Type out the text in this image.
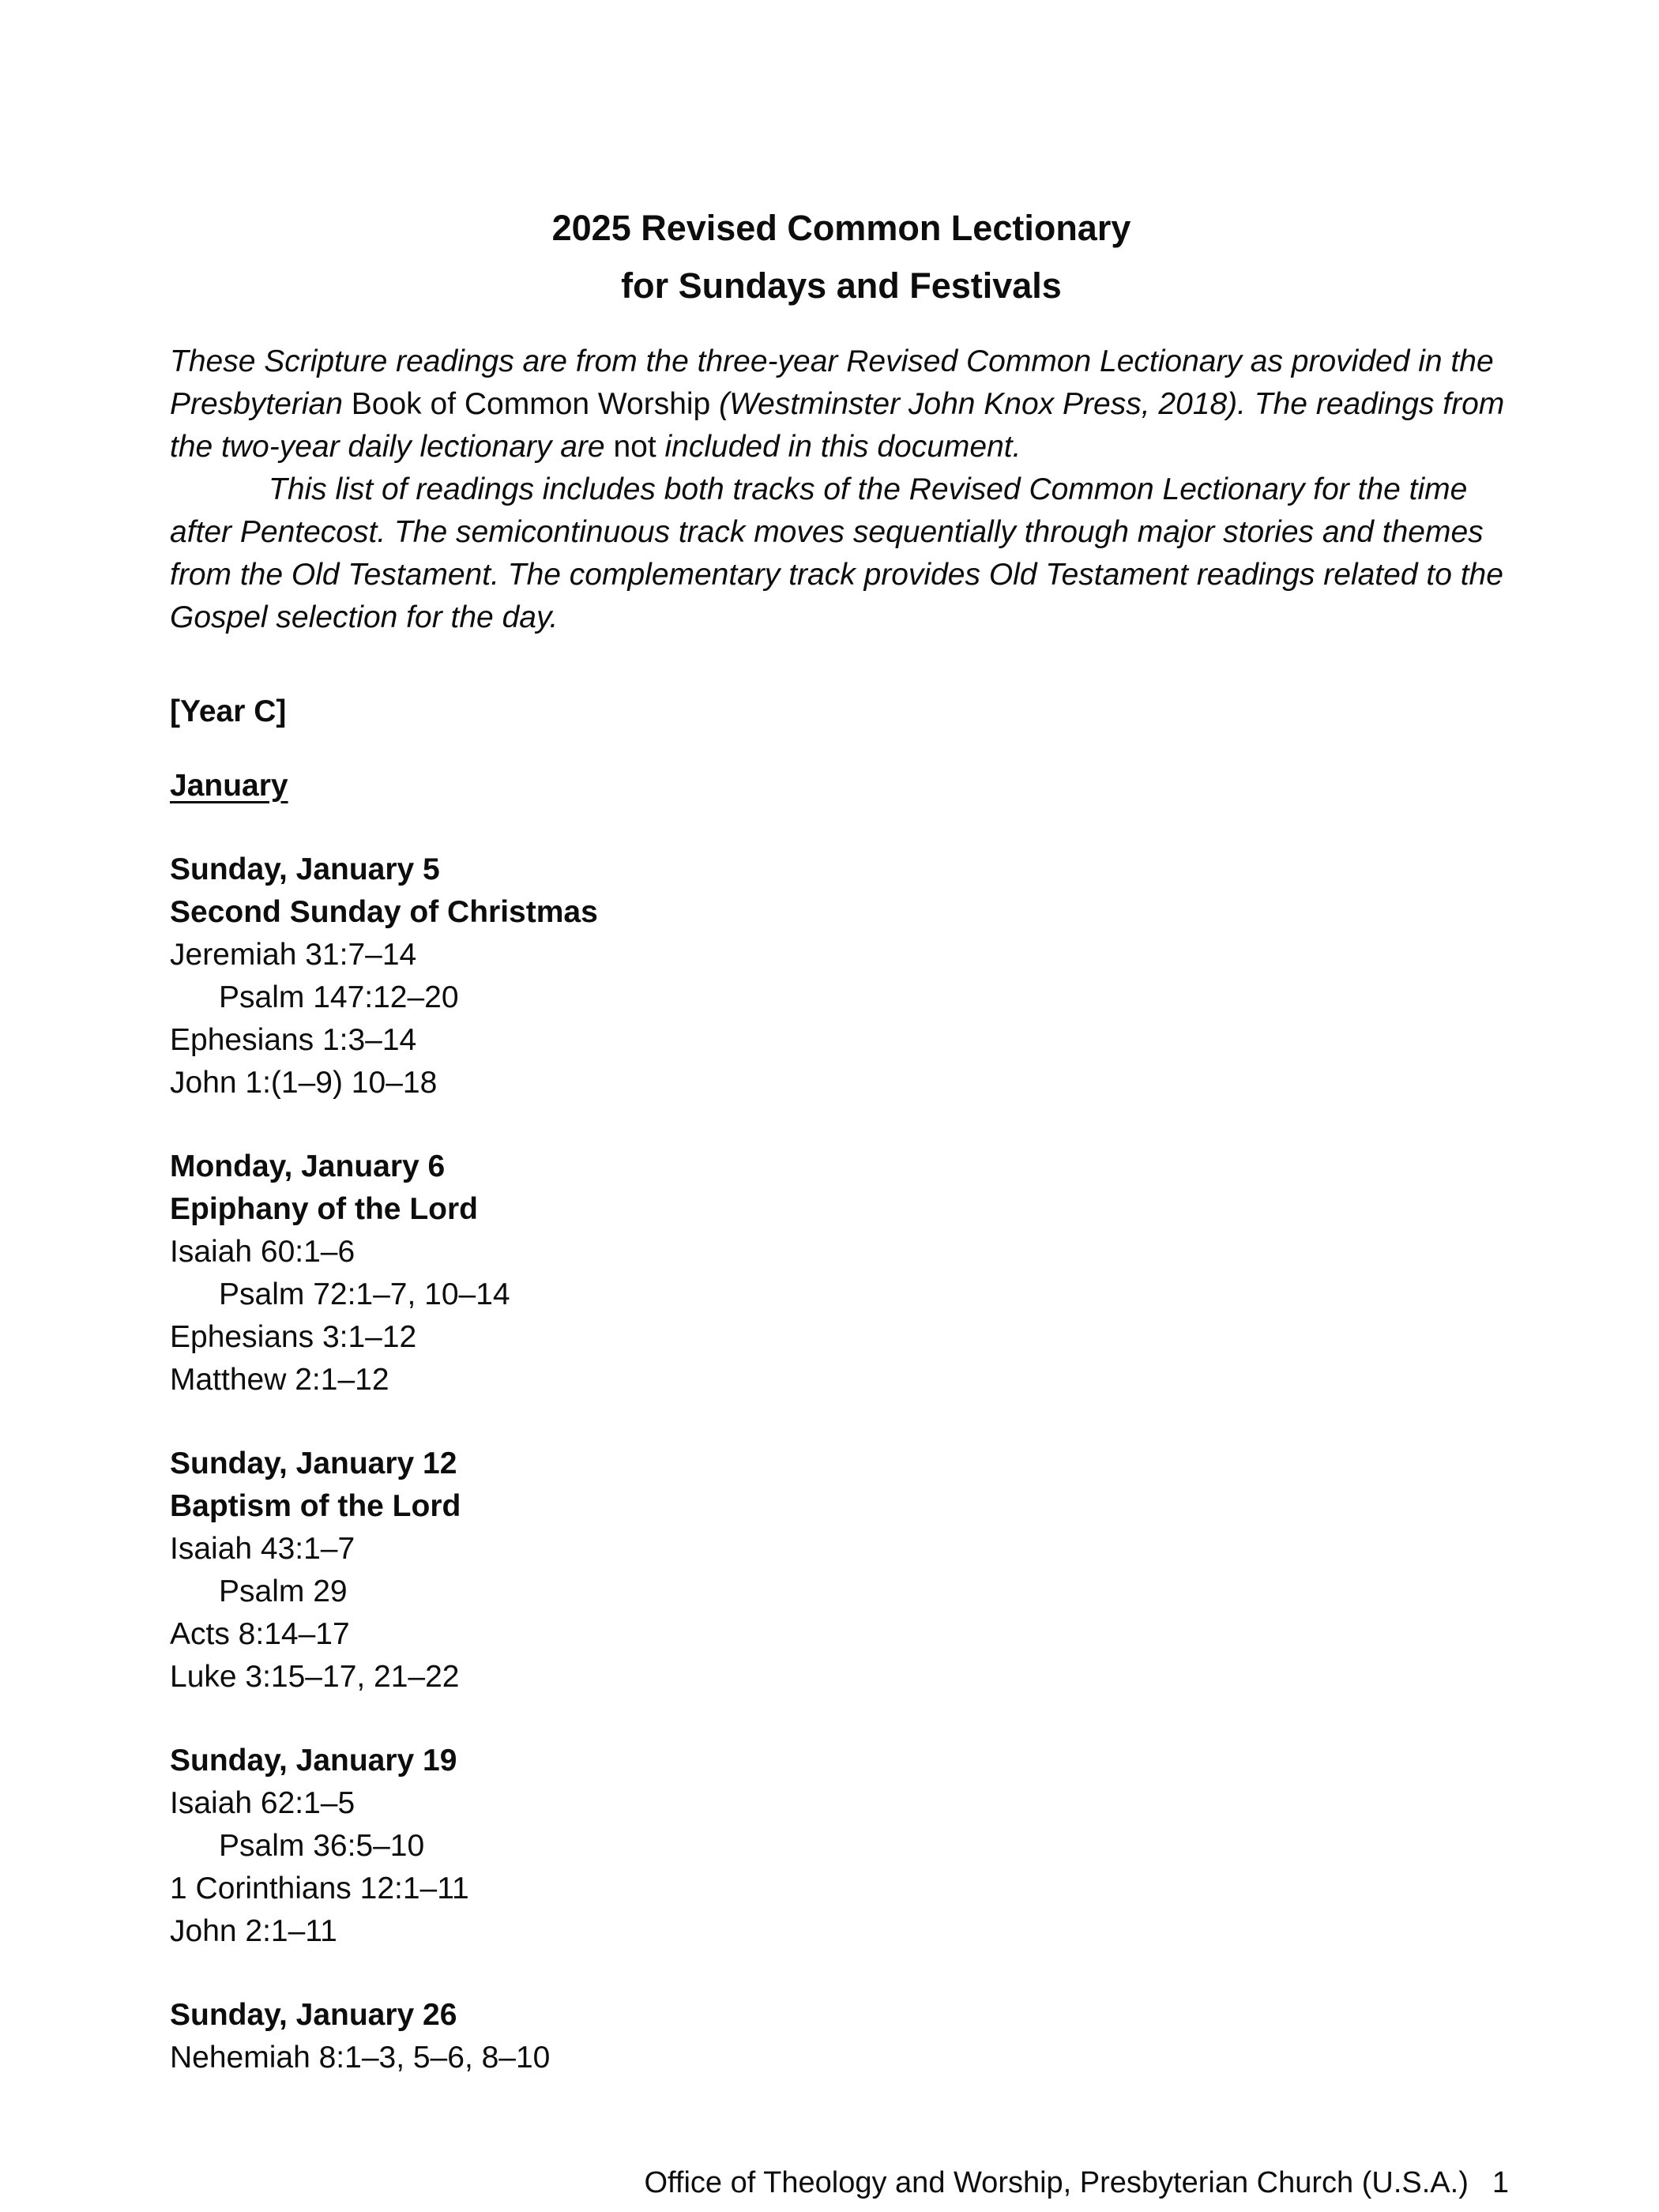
2025 Revised Common Lectionary
for Sundays and Festivals

These Scripture readings are from the three-year Revised Common Lectionary as provided in the Presbyterian Book of Common Worship (Westminster John Knox Press, 2018). The readings from the two-year daily lectionary are not included in this document.

This list of readings includes both tracks of the Revised Common Lectionary for the time after Pentecost. The semicontinuous track moves sequentially through major stories and themes from the Old Testament. The complementary track provides Old Testament readings related to the Gospel selection for the day.

[Year C]

January

Sunday, January 5

Second Sunday of Christmas

Jeremiah 31:7–14

Psalm 147:12–20

Ephesians 1:3–14

John 1:(1–9) 10–18

Monday, January 6

Epiphany of the Lord

Isaiah 60:1–6

Psalm 72:1–7, 10–14

Ephesians 3:1–12

Matthew 2:1–12

Sunday, January 12

Baptism of the Lord

Isaiah 43:1–7

Psalm 29

Acts 8:14–17

Luke 3:15–17, 21–22

Sunday, January 19

Isaiah 62:1–5

Psalm 36:5–10

1 Corinthians 12:1–11

John 2:1–11

Sunday, January 26

Nehemiah 8:1–3, 5–6, 8–10

Office of Theology and Worship, Presbyterian Church (U.S.A.) 1
